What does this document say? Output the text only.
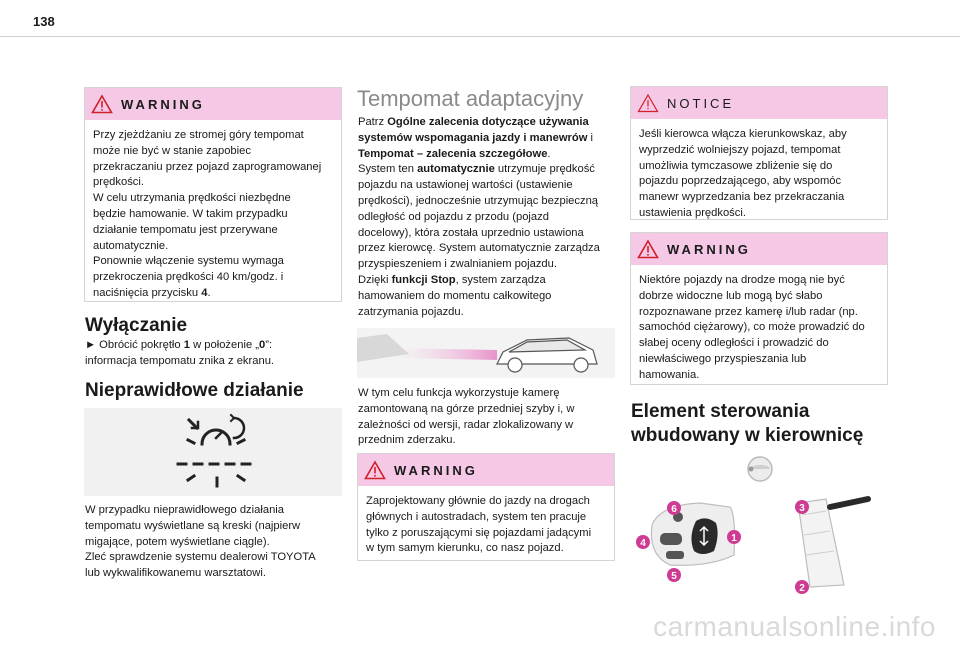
138
WARNING
Przy zjeżdżaniu ze stromej góry tempomat
może nie być w stanie zapobiec
przekraczaniu przez pojazd zaprogramowanej
prędkości.
W celu utrzymania prędkości niezbędne
będzie hamowanie. W takim przypadku
działanie tempomatu jest przerywane
automatycznie.
Ponownie włączenie systemu wymaga
przekroczenia prędkości 40 km/godz. i
naciśnięcia przycisku 4.
Wyłączanie
► Obrócić pokrętło 1 w położenie „0”:
informacja tempomatu znika z ekranu.
Nieprawidłowe działanie
W przypadku nieprawidłowego działania
tempomatu wyświetlane są kreski (najpierw
migające, potem wyświetlane ciągle).
Zleć sprawdzenie systemu dealerowi TOYOTA
lub wykwalifikowanemu warsztatowi.
Tempomat adaptacyjny
Patrz Ogólne zalecenia dotyczące używania
systemów wspomagania jazdy i manewrów i
Tempomat – zalecenia szczegółowe.
System ten automatycznie utrzymuje prędkość
pojazdu na ustawionej wartości (ustawienie
prędkości), jednocześnie utrzymując bezpieczną
odległość od pojazdu z przodu (pojazd
docelowy), która została uprzednio ustawiona
przez kierowcę. System automatycznie zarządza
przyspieszeniem i zwalnianiem pojazdu.
Dzięki funkcji Stop, system zarządza
hamowaniem do momentu całkowitego
zatrzymania pojazdu.
W tym celu funkcja wykorzystuje kamerę
zamontowaną na górze przedniej szyby i, w
zależności od wersji, radar zlokalizowany w
przednim zderzaku.
WARNING
Zaprojektowany głównie do jazdy na drogach
głównych i autostradach, system ten pracuje
tylko z poruszającymi się pojazdami jadącymi
w tym samym kierunku, co nasz pojazd.
NOTICE
Jeśli kierowca włącza kierunkowskaz, aby
wyprzedzić wolniejszy pojazd, tempomat
umożliwia tymczasowe zbliżenie się do
pojazdu poprzedzającego, aby wspomóc
manewr wyprzedzania bez przekraczania
ustawienia prędkości.
WARNING
Niektóre pojazdy na drodze mogą nie być
dobrze widoczne lub mogą być słabo
rozpoznawane przez kamerę i/lub radar (np.
samochód ciężarowy), co może prowadzić do
słabej oceny odległości i prowadzić do
niewłaściwego przyspieszania lub
hamowania.
Element sterowania
wbudowany w kierownicę
6
4
5
1
3
2
carmanualsonline.info
